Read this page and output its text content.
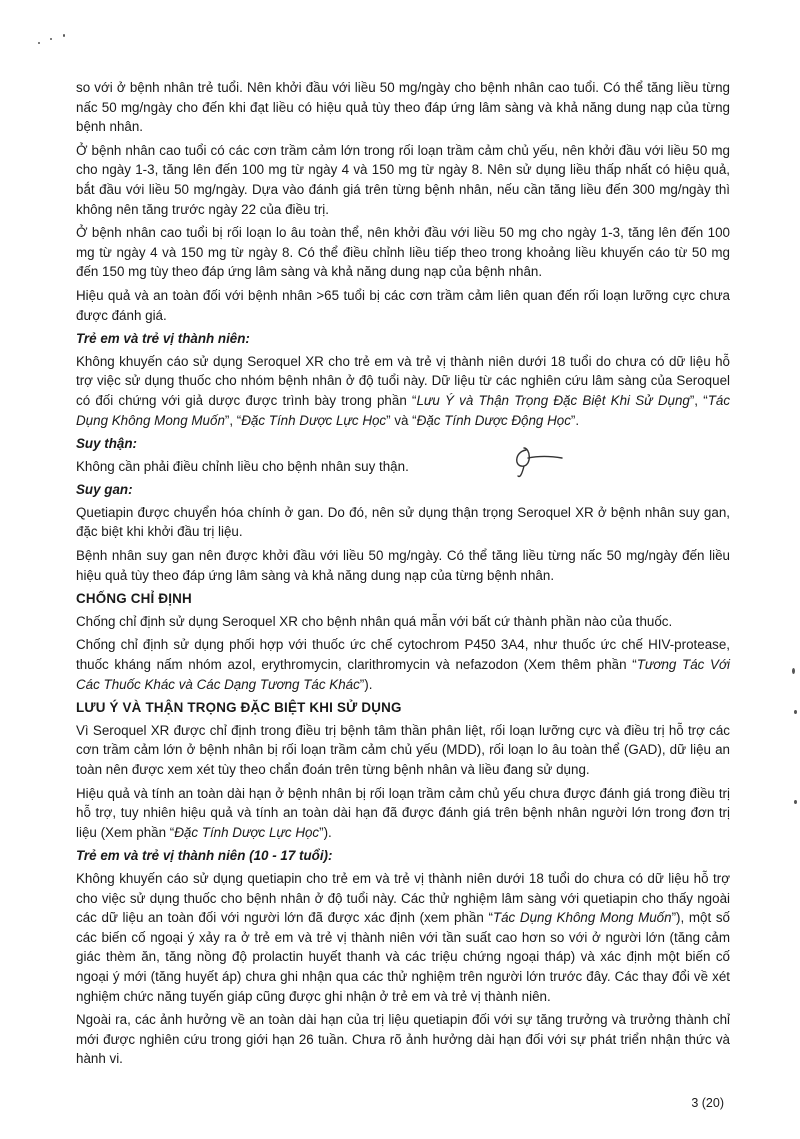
so với ở bệnh nhân trẻ tuổi. Nên khởi đầu với liều 50 mg/ngày cho bệnh nhân cao tuổi. Có thể tăng liều từng nấc 50 mg/ngày cho đến khi đạt liều có hiệu quả tùy theo đáp ứng lâm sàng và khả năng dung nạp của từng bệnh nhân.

Ở bệnh nhân cao tuổi có các cơn trầm cảm lớn trong rối loạn trầm cảm chủ yếu, nên khởi đầu với liều 50 mg cho ngày 1-3, tăng lên đến 100 mg từ ngày 4 và 150 mg từ ngày 8. Nên sử dụng liều thấp nhất có hiệu quả, bắt đầu với liều 50 mg/ngày. Dựa vào đánh giá trên từng bệnh nhân, nếu cần tăng liều đến 300 mg/ngày thì không nên tăng trước ngày 22 của điều trị.

Ở bệnh nhân cao tuổi bị rối loạn lo âu toàn thể, nên khởi đầu với liều 50 mg cho ngày 1-3, tăng lên đến 100 mg từ ngày 4 và 150 mg từ ngày 8. Có thể điều chỉnh liều tiếp theo trong khoảng liều khuyến cáo từ 50 mg đến 150 mg tùy theo đáp ứng lâm sàng và khả năng dung nạp của bệnh nhân.

Hiệu quả và an toàn đối với bệnh nhân >65 tuổi bị các cơn trầm cảm liên quan đến rối loạn lưỡng cực chưa được đánh giá.

Trẻ em và trẻ vị thành niên:

Không khuyến cáo sử dụng Seroquel XR cho trẻ em và trẻ vị thành niên dưới 18 tuổi do chưa có dữ liệu hỗ trợ việc sử dụng thuốc cho nhóm bệnh nhân ở độ tuổi này. Dữ liệu từ các nghiên cứu lâm sàng của Seroquel có đối chứng với giả dược được trình bày trong phần “Lưu Ý và Thận Trọng Đặc Biệt Khi Sử Dụng”, “Tác Dụng Không Mong Muốn”, “Đặc Tính Dược Lực Học” và “Đặc Tính Dược Động Học”.

Suy thận:

Không cần phải điều chỉnh liều cho bệnh nhân suy thận.

Suy gan:

Quetiapin được chuyển hóa chính ở gan. Do đó, nên sử dụng thận trọng Seroquel XR ở bệnh nhân suy gan, đặc biệt khi khởi đầu trị liệu.

Bệnh nhân suy gan nên được khởi đầu với liều 50 mg/ngày. Có thể tăng liều từng nấc 50 mg/ngày đến liều hiệu quả tùy theo đáp ứng lâm sàng và khả năng dung nạp của từng bệnh nhân.

CHỐNG CHỈ ĐỊNH

Chống chỉ định sử dụng Seroquel XR cho bệnh nhân quá mẫn với bất cứ thành phần nào của thuốc.

Chống chỉ định sử dụng phối hợp với thuốc ức chế cytochrom P450 3A4, như thuốc ức chế HIV-protease, thuốc kháng nấm nhóm azol, erythromycin, clarithromycin và nefazodon (Xem thêm phần “Tương Tác Với Các Thuốc Khác và Các Dạng Tương Tác Khác”).

LƯU Ý VÀ THẬN TRỌNG ĐẶC BIỆT KHI SỬ DỤNG

Vì Seroquel XR được chỉ định trong điều trị bệnh tâm thần phân liệt, rối loạn lưỡng cực và điều trị hỗ trợ các cơn trầm cảm lớn ở bệnh nhân bị rối loạn trầm cảm chủ yếu (MDD), rối loạn lo âu toàn thể (GAD), dữ liệu an toàn nên được xem xét tùy theo chẩn đoán trên từng bệnh nhân và liều đang sử dụng.

Hiệu quả và tính an toàn dài hạn ở bệnh nhân bị rối loạn trầm cảm chủ yếu chưa được đánh giá trong điều trị hỗ trợ, tuy nhiên hiệu quả và tính an toàn dài hạn đã được đánh giá trên bệnh nhân người lớn trong đơn trị liệu (Xem phần “Đặc Tính Dược Lực Học”).

Trẻ em và trẻ vị thành niên (10 - 17 tuổi):

Không khuyến cáo sử dụng quetiapin cho trẻ em và trẻ vị thành niên dưới 18 tuổi do chưa có dữ liệu hỗ trợ cho việc sử dụng thuốc cho bệnh nhân ở độ tuổi này. Các thử nghiệm lâm sàng với quetiapin cho thấy ngoài các dữ liệu an toàn đối với người lớn đã được xác định (xem phần “Tác Dụng Không Mong Muốn”), một số các biến cố ngoại ý xảy ra ở trẻ em và trẻ vị thành niên với tần suất cao hơn so với ở người lớn (tăng cảm giác thèm ăn, tăng nồng độ prolactin huyết thanh và các triệu chứng ngoại tháp) và xác định một biến cố ngoại ý mới (tăng huyết áp) chưa ghi nhận qua các thử nghiệm trên người lớn trước đây. Các thay đổi về xét nghiệm chức năng tuyến giáp cũng được ghi nhận ở trẻ em và trẻ vị thành niên.

Ngoài ra, các ảnh hưởng về an toàn dài hạn của trị liệu quetiapin đối với sự tăng trưởng và trưởng thành chỉ mới được nghiên cứu trong giới hạn 26 tuần. Chưa rõ ảnh hưởng dài hạn đối với sự phát triển nhận thức và hành vi.

3 (20)
